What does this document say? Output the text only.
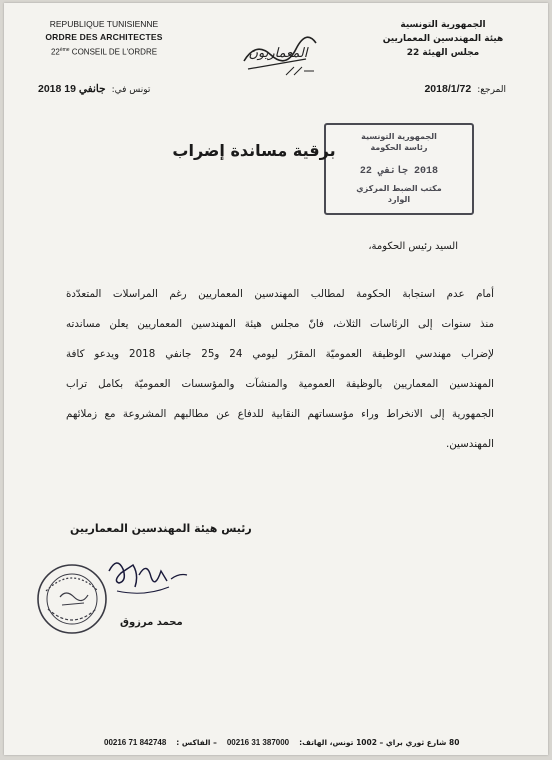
REPUBLIQUE TUNISIENNE
ORDRE DES ARCHITECTES
22ème CONSEIL DE L'ORDRE
الجمهورية التونسية
هيئة المهندسين المعماريين
مجلس الهيئة 22
المعماريون
تونس في:
2018 جانفي 19	المرجع:
2018/1/72
الجمهورية التونسية
رئاسة الحكومة
2018 جانفي 22
مكتب الضبط المركزي
الوارد
برقية مساندة إضراب
السيد رئيس الحكومة،
أمام عدم استجابة الحكومة لمطالب المهندسين المعماريين رغم المراسلات المتعدّدة
منذ سنوات إلى الرئاسات الثلاث، فانّ مجلس هيئة المهندسين المعماريين يعلن مساندته
لإضراب مهندسي الوظيفة العموميّة المقرّر ليومي 24 و25 جانفي 2018 ويدعو كافة
المهندسين المعماريين بالوظيفة العمومية والمنشآت والمؤسسات العموميّة بكامل تراب
الجمهورية إلى الانخراط وراء مؤسساتهم النقابية للدفاع عن مطالبهم المشروعة مع زملائهم
المهندسين.
رئيس هيئة المهندسين المعماريين
محمد مرزوق
80 شارع ثوري براي – 1002 تونس، الهاتف:
00216 31 387000
– الفاكس :
00216 71 842748
